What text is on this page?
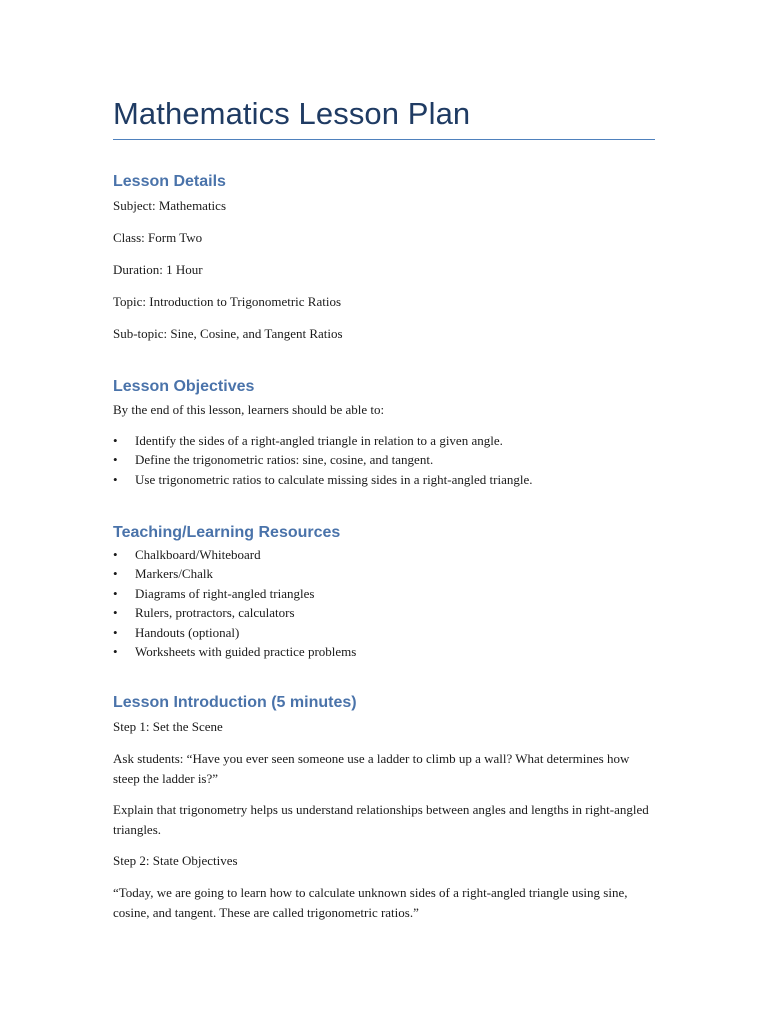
Mathematics Lesson Plan
Lesson Details

Subject: Mathematics

Class: Form Two

Duration: 1 Hour

Topic: Introduction to Trigonometric Ratios

Sub-topic: Sine, Cosine, and Tangent Ratios

Lesson Objectives

By the end of this lesson, learners should be able to:

• Identify the sides of a right-angled triangle in relation to a given angle.
• Define the trigonometric ratios: sine, cosine, and tangent.
• Use trigonometric ratios to calculate missing sides in a right-angled triangle.
Teaching/Learning Resources
• Chalkboard/Whiteboard
• Markers/Chalk
• Diagrams of right-angled triangles
• Rulers, protractors, calculators
• Handouts (optional)
• Worksheets with guided practice problems
Lesson Introduction (5 minutes)

Step 1: Set the Scene

Ask students: “Have you ever seen someone use a ladder to climb up a wall? What determines how steep the ladder is?”

Explain that trigonometry helps us understand relationships between angles and lengths in right-angled triangles.

Step 2: State Objectives

“Today, we are going to learn how to calculate unknown sides of a right-angled triangle using sine, cosine, and tangent. These are called trigonometric ratios.”
